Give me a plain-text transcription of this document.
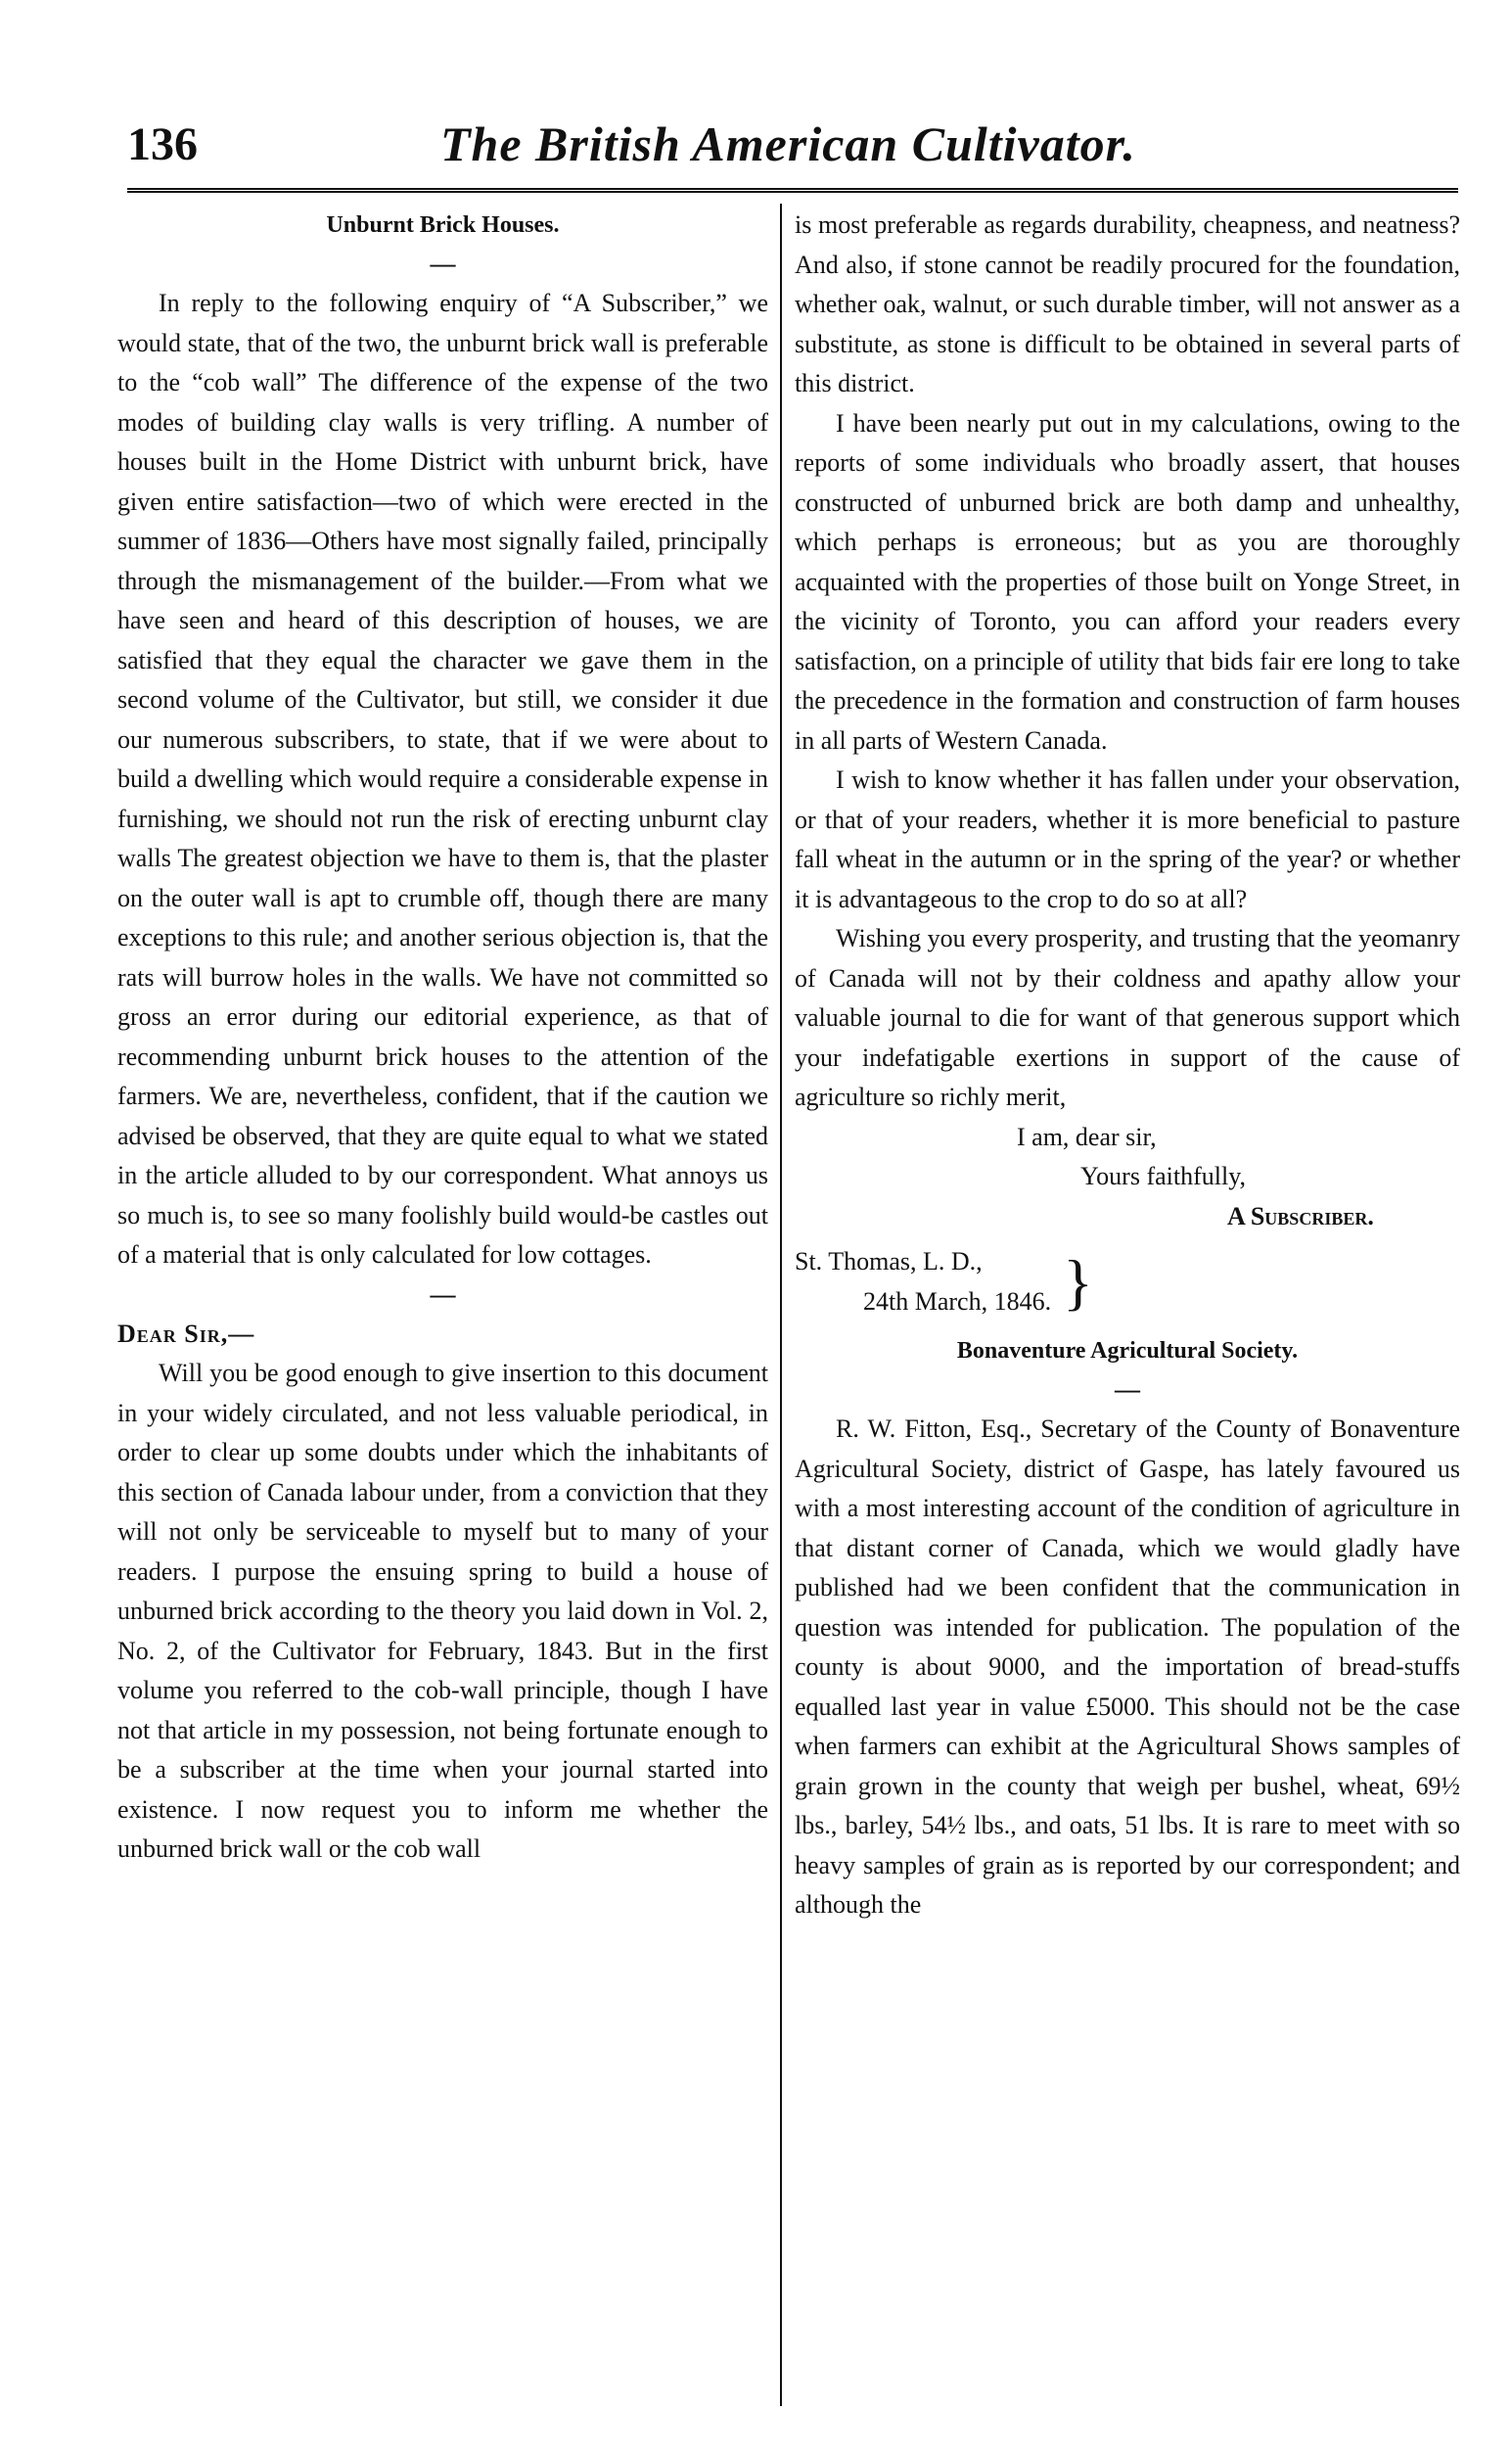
136	The British American Cultivator.
Unburnt Brick Houses.
—

In reply to the following enquiry of “A Subscriber,” we would state, that of the two, the unburnt brick wall is preferable to the “cob wall” The difference of the expense of the two modes of building clay walls is very trifling. A number of houses built in the Home District with unburnt brick, have given entire satisfaction—two of which were erected in the summer of 1836—Others have most signally failed, principally through the mismanagement of the builder.—From what we have seen and heard of this description of houses, we are satisfied that they equal the character we gave them in the second volume of the Cultivator, but still, we consider it due our numerous subscribers, to state, that if we were about to build a dwelling which would require a considerable expense in furnishing, we should not run the risk of erecting unburnt clay walls The greatest objection we have to them is, that the plaster on the outer wall is apt to crumble off, though there are many exceptions to this rule; and another serious objection is, that the rats will burrow holes in the walls. We have not committed so gross an error during our editorial experience, as that of recommending unburnt brick houses to the attention of the farmers. We are, nevertheless, confident, that if the caution we advised be observed, that they are quite equal to what we stated in the article alluded to by our correspondent. What annoys us so much is, to see so many foolishly build would-be castles out of a material that is only calculated for low cottages.

—

Dear Sir,—

Will you be good enough to give insertion to this document in your widely circulated, and not less valuable periodical, in order to clear up some doubts under which the inhabitants of this section of Canada labour under, from a conviction that they will not only be serviceable to myself but to many of your readers. I purpose the ensuing spring to build a house of unburned brick according to the theory you laid down in Vol. 2, No. 2, of the Cultivator for February, 1843. But in the first volume you referred to the cob-wall principle, though I have not that article in my possession, not being fortunate enough to be a subscriber at the time when your journal started into existence. I now request you to inform me whether the unburned brick wall or the cob wall

is most preferable as regards durability, cheapness, and neatness? And also, if stone cannot be readily procured for the foundation, whether oak, walnut, or such durable timber, will not answer as a substitute, as stone is difficult to be obtained in several parts of this district.

I have been nearly put out in my calculations, owing to the reports of some individuals who broadly assert, that houses constructed of unburned brick are both damp and unhealthy, which perhaps is erroneous; but as you are thoroughly acquainted with the properties of those built on Yonge Street, in the vicinity of Toronto, you can afford your readers every satisfaction, on a principle of utility that bids fair ere long to take the precedence in the formation and construction of farm houses in all parts of Western Canada.

I wish to know whether it has fallen under your observation, or that of your readers, whether it is more beneficial to pasture fall wheat in the autumn or in the spring of the year? or whether it is advantageous to the crop to do so at all?

Wishing you every prosperity, and trusting that the yeomanry of Canada will not by their coldness and apathy allow your valuable journal to die for want of that generous support which your indefatigable exertions in support of the cause of agriculture so richly merit,

I am, dear sir,

Yours faithfully,

A Subscriber.

St. Thomas, L. D.,
24th March, 1846. }
Bonaventure Agricultural Society.
—

R. W. Fitton, Esq., Secretary of the County of Bonaventure Agricultural Society, district of Gaspe, has lately favoured us with a most interesting account of the condition of agriculture in that distant corner of Canada, which we would gladly have published had we been confident that the communication in question was intended for publication. The population of the county is about 9000, and the importation of bread-stuffs equalled last year in value £5000. This should not be the case when farmers can exhibit at the Agricultural Shows samples of grain grown in the county that weigh per bushel, wheat, 69½ lbs., barley, 54½ lbs., and oats, 51 lbs. It is rare to meet with so heavy samples of grain as is reported by our correspondent; and although the
